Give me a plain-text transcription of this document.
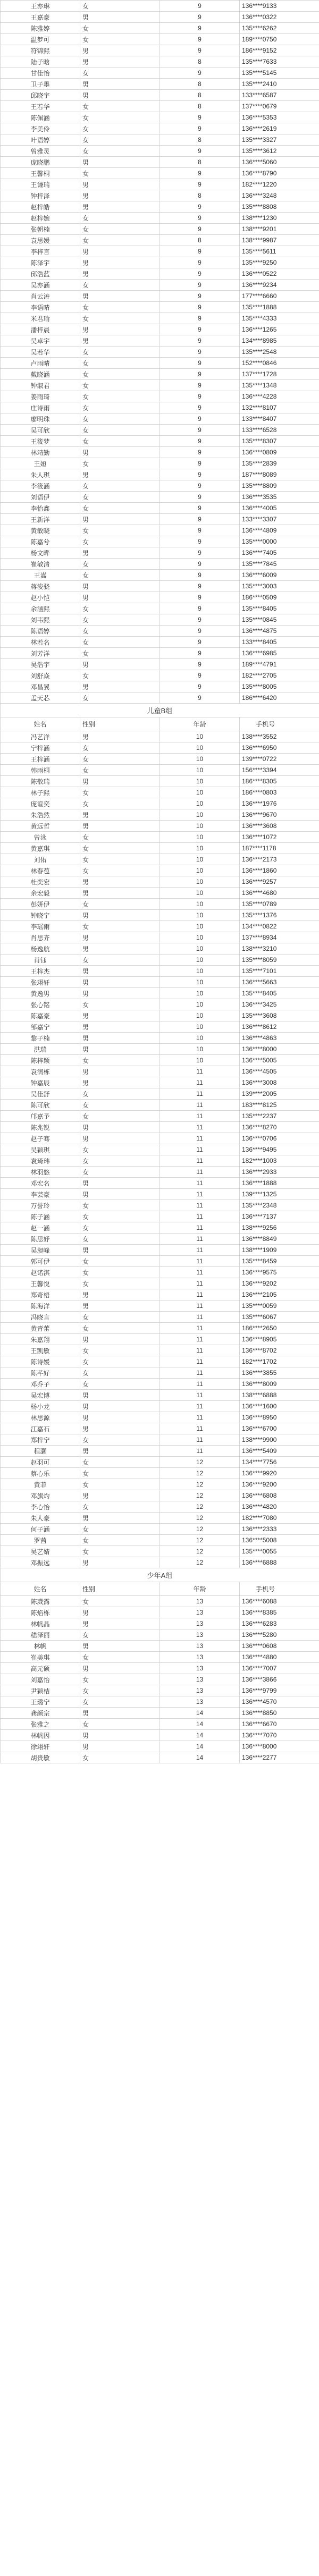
王亦琳	女	9	136****9133
王嘉豪	男	9	136****0322
陈雅婷	女	9	135****6262
温梦可	女	9	189****0750
符锦熙	男	9	186****9152
陆子晗	男	8	135****7633
甘佳怡	女	9	135****5145
卫子墨	男	8	135****2410
邱晓宇	男	8	133****6587
王若华	女	8	137****0679
陈佩涵	女	9	136****5353
李美伶	女	9	136****2619
叶语婷	女	8	135****3327
曾雅灵	女	9	135****3612
庞晓鹏	男	8	136****5060
王馨桐	女	9	136****8790
王谦瑞	男	9	182****1220
钟梓泽	男	8	136****3248
赵梓皓	男	9	135****8808
赵梓婉	女	9	138****1230
张朝楠	女	9	138****9201
袁思媛	女	8	138****9987
李梓言	男	9	135****5611
陈泽宇	男	9	135****9250
邱浩蓝	男	9	136****0522
吴亦涵	女	9	136****9234
肖云涛	男	9	177****6660
李语晴	女	9	135****1888
米君瑜	女	9	135****4333
潘梓晨	男	9	136****1265
吴卓宇	男	9	134****8985
吴若华	女	9	135****2548
卢雨晴	女	9	152****0846
戴晓涵	女	9	137****1728
钟淑君	女	9	135****1348
姜雨琦	女	9	136****4228
庄诗雨	女	9	132****8107
廖明珠	女	9	133****8407
吴可欣	女	9	133****6528
王筱梦	女	9	135****8307
林靖勤	男	9	136****0809
王姮	女	9	135****2839
朱人琪	男	9	187****8089
李筱涵	女	9	135****8809
刘语伊	女	9	136****3535
李怡鑫	女	9	136****4005
王新洋	男	9	133****3307
黄敏晓	女	9	136****4809
陈嘉兮	女	9	135****0000
杨文晔	男	9	136****7405
崔敏清	女	9	135****7845
王嵩	女	9	136****6009
蒋浚骁	男	9	135****3003
赵小恺	男	9	186****0509
余涵熙	女	9	135****8405
刘韦熙	女	9	135****0845
陈语婷	女	9	136****4875
林若名	女	9	133****8405
刘芳洋	女	9	136****6985
吴浩宇	男	9	189****4791
刘舒焱	女	9	182****2705
邓昌翼	男	9	135****8005
孟天芯	女	9	186****6420
儿童B组			
姓名	性别	年龄	手机号
冯艺洋	男	10	138****3552
宁梓涵	女	10	136****6950
王梓涵	女	10	139****0722
韩雨桐	女	10	156****3394
陈敬瑞	男	10	186****8305
林子熙	女	10	186****0803
庞谊奕	女	10	136****1976
朱浩然	男	10	136****9670
黄远哲	男	10	136****3608
曾泳	女	10	136****1072
黄嘉琪	女	10	187****1178
刘佑	女	10	136****2173
林春苞	女	10	136****1860
杜奕宏	男	10	136****9257
余宏毅	男	10	136****4680
彭妍伊	女	10	135****0789
钟晓宁	男	10	135****1376
李瑶雨	女	10	134****0822
肖思齐	男	10	137****8934
杨逸航	男	10	138****3210
肖钰	女	10	135****8059
王梓杰	男	10	135****7101
张翊轩	男	10	136****5663
黄逸男	男	10	135****8405
张心铭	女	10	136****3425
陈嘉豪	男	10	135****3608
邹嘉宁	男	10	136****8612
黎子楠	男	10	136****4863
洪瑞	男	10	136****8000
陈梓颖	女	10	136****5005
袁润栋	男	11	136****4505
钟嘉辰	男	11	136****3008
吴佳舒	女	11	139****2005
陈可欣	女	11	183****8125
邝嘉予	女	11	135****2237
陈兆锐	男	11	136****8270
赵子骞	男	11	136****0706
吴颖琪	女	11	136****9495
袁琦玮	女	11	182****1003
林羽悠	女	11	136****2933
邓宏名	男	11	136****1888
李芸豪	男	11	139****1325
万誉玲	女	11	135****2348
陈子涵	女	11	136****7137
赵一涵	女	11	138****9256
陈思妤	女	11	136****8849
吴昶峰	男	11	138****1909
郭可伊	女	11	135****8459
赵诺淇	女	11	136****9575
王馨悦	女	11	136****9202
郑奇梧	男	11	136****2105
陈海洋	男	11	135****0059
冯晓言	女	11	135****6067
黄青蕾	女	11	186****2650
朱嘉翔	男	11	136****8905
王凯敏	女	11	136****8702
陈诗媛	女	11	182****1702
陈芊好	女	11	136****3855
邓乔子	女	11	136****8009
吴宏博	男	11	138****6888
杨小龙	男	11	136****1600
林思源	男	11	136****8950
江嘉石	男	11	136****6700
郑梓宁	女	11	138****9900
程灏	男	11	136****5409
赵羽可	女	12	134****7756
蔡心乐	女	12	136****9920
黄菲	女	12	136****9200
邓旗灼	男	12	136****6808
李心怡	女	12	136****4820
朱人豪	男	12	182****7080
何子涵	女	12	136****2333
罗茜	女	12	136****5008
吴艺婧	女	12	135****0055
邓振远	男	12	136****6888
少年A组			
姓名	性别	年龄	手机号
陈葳露	女	13	136****6088
陈焰栎	男	13	136****8385
林帆晶	男	13	136****6283
嵇泽丽	女	13	136****5280
林帆	男	13	136****0608
崔美琪	女	13	136****4880
高元硕	男	13	136****7007
刘嘉怡	女	13	136****3866
尹颖桔	女	13	136****9799
王璐宁	女	13	136****4570
龚颜宗	男	14	136****8850
张雅之	女	14	136****6670
林帆因	男	14	136****7070
徐翊轩	男	14	136****8000
胡贵敏	女	14	136****2277
